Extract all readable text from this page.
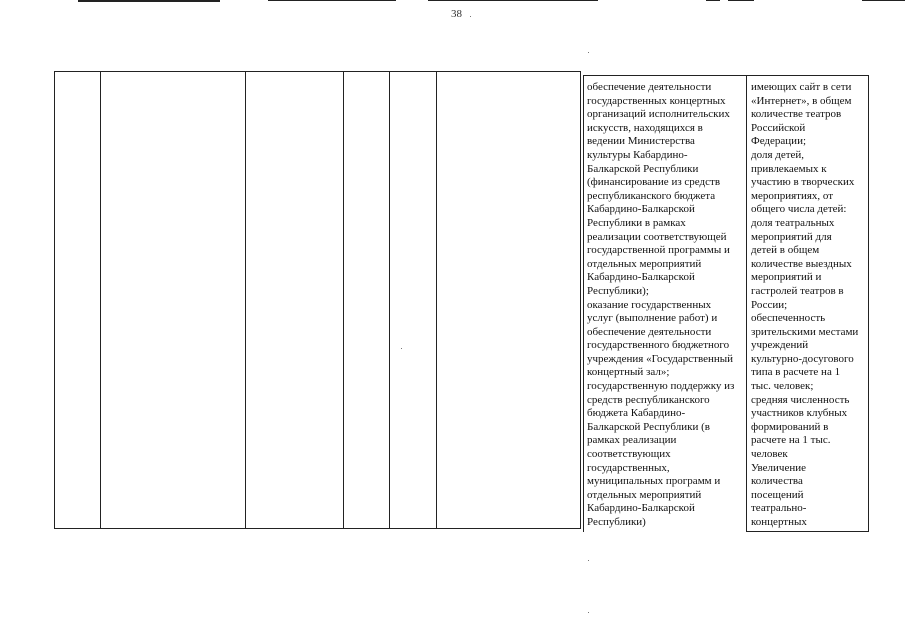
38

обеспечение деятельности
государственных концертных
организаций исполнительских
искусств, находящихся в
ведении Министерства
культуры Кабардино-
Балкарской Республики
(финансирование из средств
республиканского бюджета
Кабардино-Балкарской
Республики в рамках
реализации соответствующей
государственной программы и
отдельных мероприятий
Кабардино-Балкарской
Республики);
оказание государственных
услуг (выполнение работ) и
обеспечение деятельности
государственного бюджетного
учреждения «Государственный
концертный зал»;
государственную поддержку из
средств республиканского
бюджета Кабардино-
Балкарской Республики (в
рамках реализации
соответствующих
государственных,
муниципальных программ и
отдельных мероприятий
Кабардино-Балкарской
Республики)

имеющих сайт в сети
«Интернет», в общем
количестве театров
Российской
Федерации;
доля детей,
привлекаемых к
участию в творческих
мероприятиях, от
общего числа детей:
доля театральных
мероприятий для
детей в общем
количестве выездных
мероприятий и
гастролей театров в
России;
обеспеченность
зрительскими местами
учреждений
культурно-досугового
типа в расчете на 1
тыс. человек;
средняя численность
участников клубных
формирований в
расчете на 1 тыс.
человек
Увеличение
количества
посещений
театрально-
концертных
